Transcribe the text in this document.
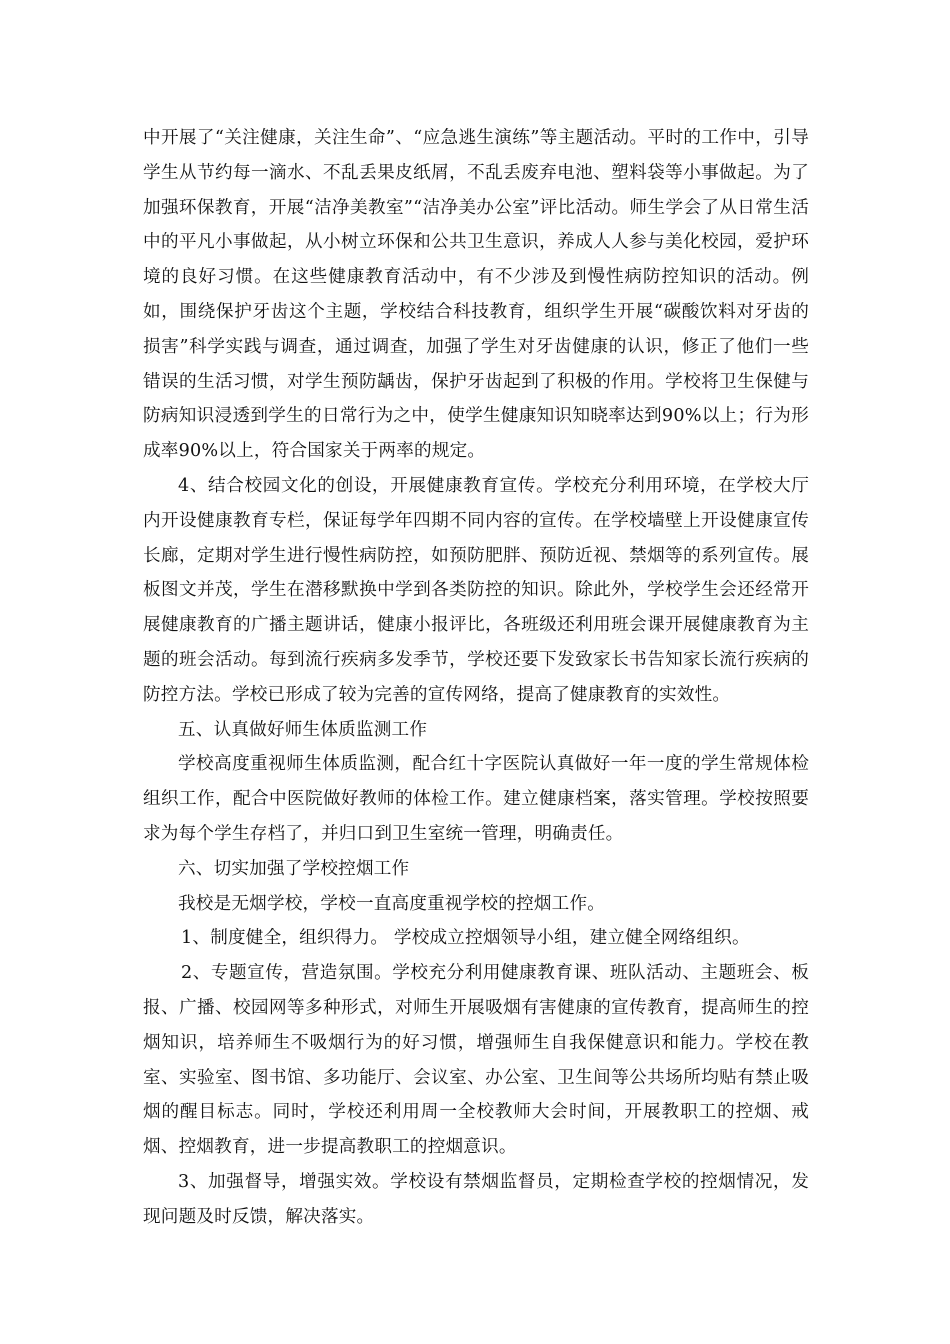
中开展了“关注健康，关注生命”、“应急逃生演练”等主题活动。平时的工作中，引导学生从节约每一滴水、不乱丢果皮纸屑，不乱丢废弃电池、塑料袋等小事做起。为了加强环保教育，开展“洁净美教室”“洁净美办公室”评比活动。师生学会了从日常生活中的平凡小事做起，从小树立环保和公共卫生意识，养成人人参与美化校园，爱护环境的良好习惯。在这些健康教育活动中，有不少涉及到慢性病防控知识的活动。例如，围绕保护牙齿这个主题，学校结合科技教育，组织学生开展“碳酸饮料对牙齿的损害”科学实践与调查，通过调查，加强了学生对牙齿健康的认识，修正了他们一些错误的生活习惯，对学生预防龋齿，保护牙齿起到了积极的作用。学校将卫生保健与防病知识浸透到学生的日常行为之中，使学生健康知识知晓率达到90%以上；行为形成率90%以上，符合国家关于两率的规定。

4、结合校园文化的创设，开展健康教育宣传。学校充分利用环境，在学校大厅内开设健康教育专栏，保证每学年四期不同内容的宣传。在学校墙壁上开设健康宣传长廊，定期对学生进行慢性病防控，如预防肥胖、预防近视、禁烟等的系列宣传。展板图文并茂，学生在潜移默换中学到各类防控的知识。除此外，学校学生会还经常开展健康教育的广播主题讲话，健康小报评比，各班级还利用班会课开展健康教育为主题的班会活动。每到流行疾病多发季节，学校还要下发致家长书告知家长流行疾病的防控方法。学校已形成了较为完善的宣传网络，提高了健康教育的实效性。

五、认真做好师生体质监测工作

学校高度重视师生体质监测，配合红十字医院认真做好一年一度的学生常规体检组织工作，配合中医院做好教师的体检工作。建立健康档案，落实管理。学校按照要求为每个学生存档了，并归口到卫生室统一管理，明确责任。

六、切实加强了学校控烟工作

我校是无烟学校，学校一直高度重视学校的控烟工作。

1、制度健全，组织得力。 学校成立控烟领导小组，建立健全网络组织。

2、专题宣传，营造氛围。学校充分利用健康教育课、班队活动、主题班会、板报、广播、校园网等多种形式，对师生开展吸烟有害健康的宣传教育，提高师生的控烟知识，培养师生不吸烟行为的好习惯，增强师生自我保健意识和能力。学校在教室、实验室、图书馆、多功能厅、会议室、办公室、卫生间等公共场所均贴有禁止吸烟的醒目标志。同时，学校还利用周一全校教师大会时间，开展教职工的控烟、戒烟、控烟教育，进一步提高教职工的控烟意识。

3、加强督导，增强实效。学校设有禁烟监督员，定期检查学校的控烟情况，发现问题及时反馈，解决落实。
